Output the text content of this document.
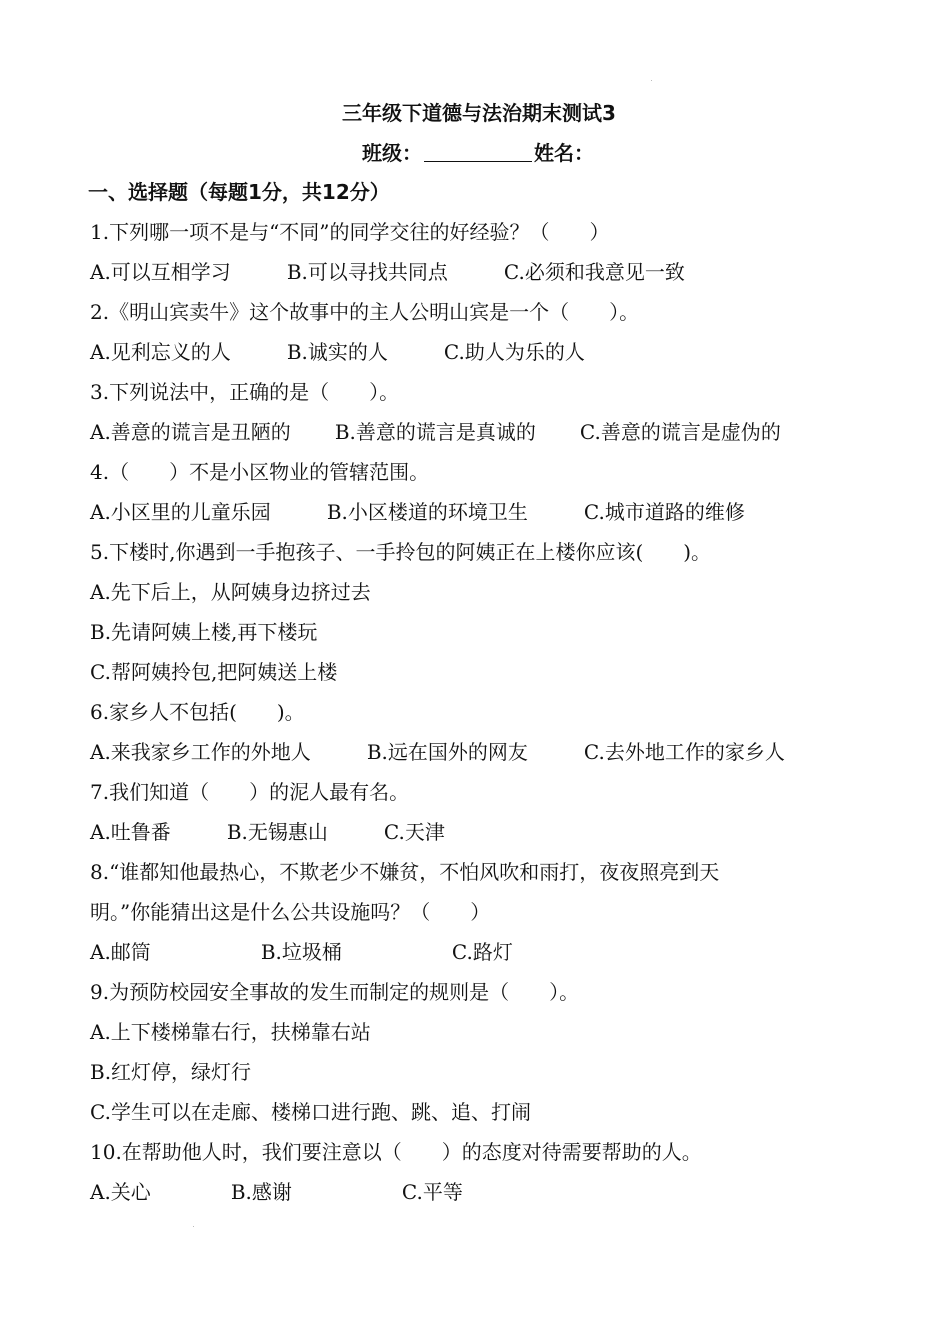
三年级下道德与法治期末测试3
班级：	姓名：
一、选择题（每题1分，共12分）
1.下列哪一项不是与“不同”的同学交往的好经验？（　　）
A.可以互相学习	B.可以寻找共同点	C.必须和我意见一致
2.《明山宾卖牛》这个故事中的主人公明山宾是一个（　　）。
A.见利忘义的人	B.诚实的人	C.助人为乐的人
3.下列说法中，正确的是（　　）。
A.善意的谎言是丑陋的 B.善意的谎言是真诚的 C.善意的谎言是虚伪的
4.（　　）不是小区物业的管辖范围。
A.小区里的儿童乐园	B.小区楼道的环境卫生	C.城市道路的维修
5.下楼时,你遇到一手抱孩子、一手拎包的阿姨正在上楼你应该(　　)。
A.先下后上，从阿姨身边挤过去
B.先请阿姨上楼,再下楼玩
C.帮阿姨拎包,把阿姨送上楼
6.家乡人不包括(　　)。
A.来我家乡工作的外地人	B.远在国外的网友	C.去外地工作的家乡人
7.我们知道（　　）的泥人最有名。
A.吐鲁番	B.无锡惠山	C.天津
8.“谁都知他最热心，不欺老少不嫌贫，不怕风吹和雨打，夜夜照亮到天
明。”你能猜出这是什么公共设施吗？（　　）
A.邮筒	B.垃圾桶	C.路灯
9.为预防校园安全事故的发生而制定的规则是（　　）。
A.上下楼梯靠右行，扶梯靠右站
B.红灯停，绿灯行
C.学生可以在走廊、楼梯口进行跑、跳、追、打闹
10.在帮助他人时，我们要注意以（　　）的态度对待需要帮助的人。
A.关心	B.感谢	C.平等
